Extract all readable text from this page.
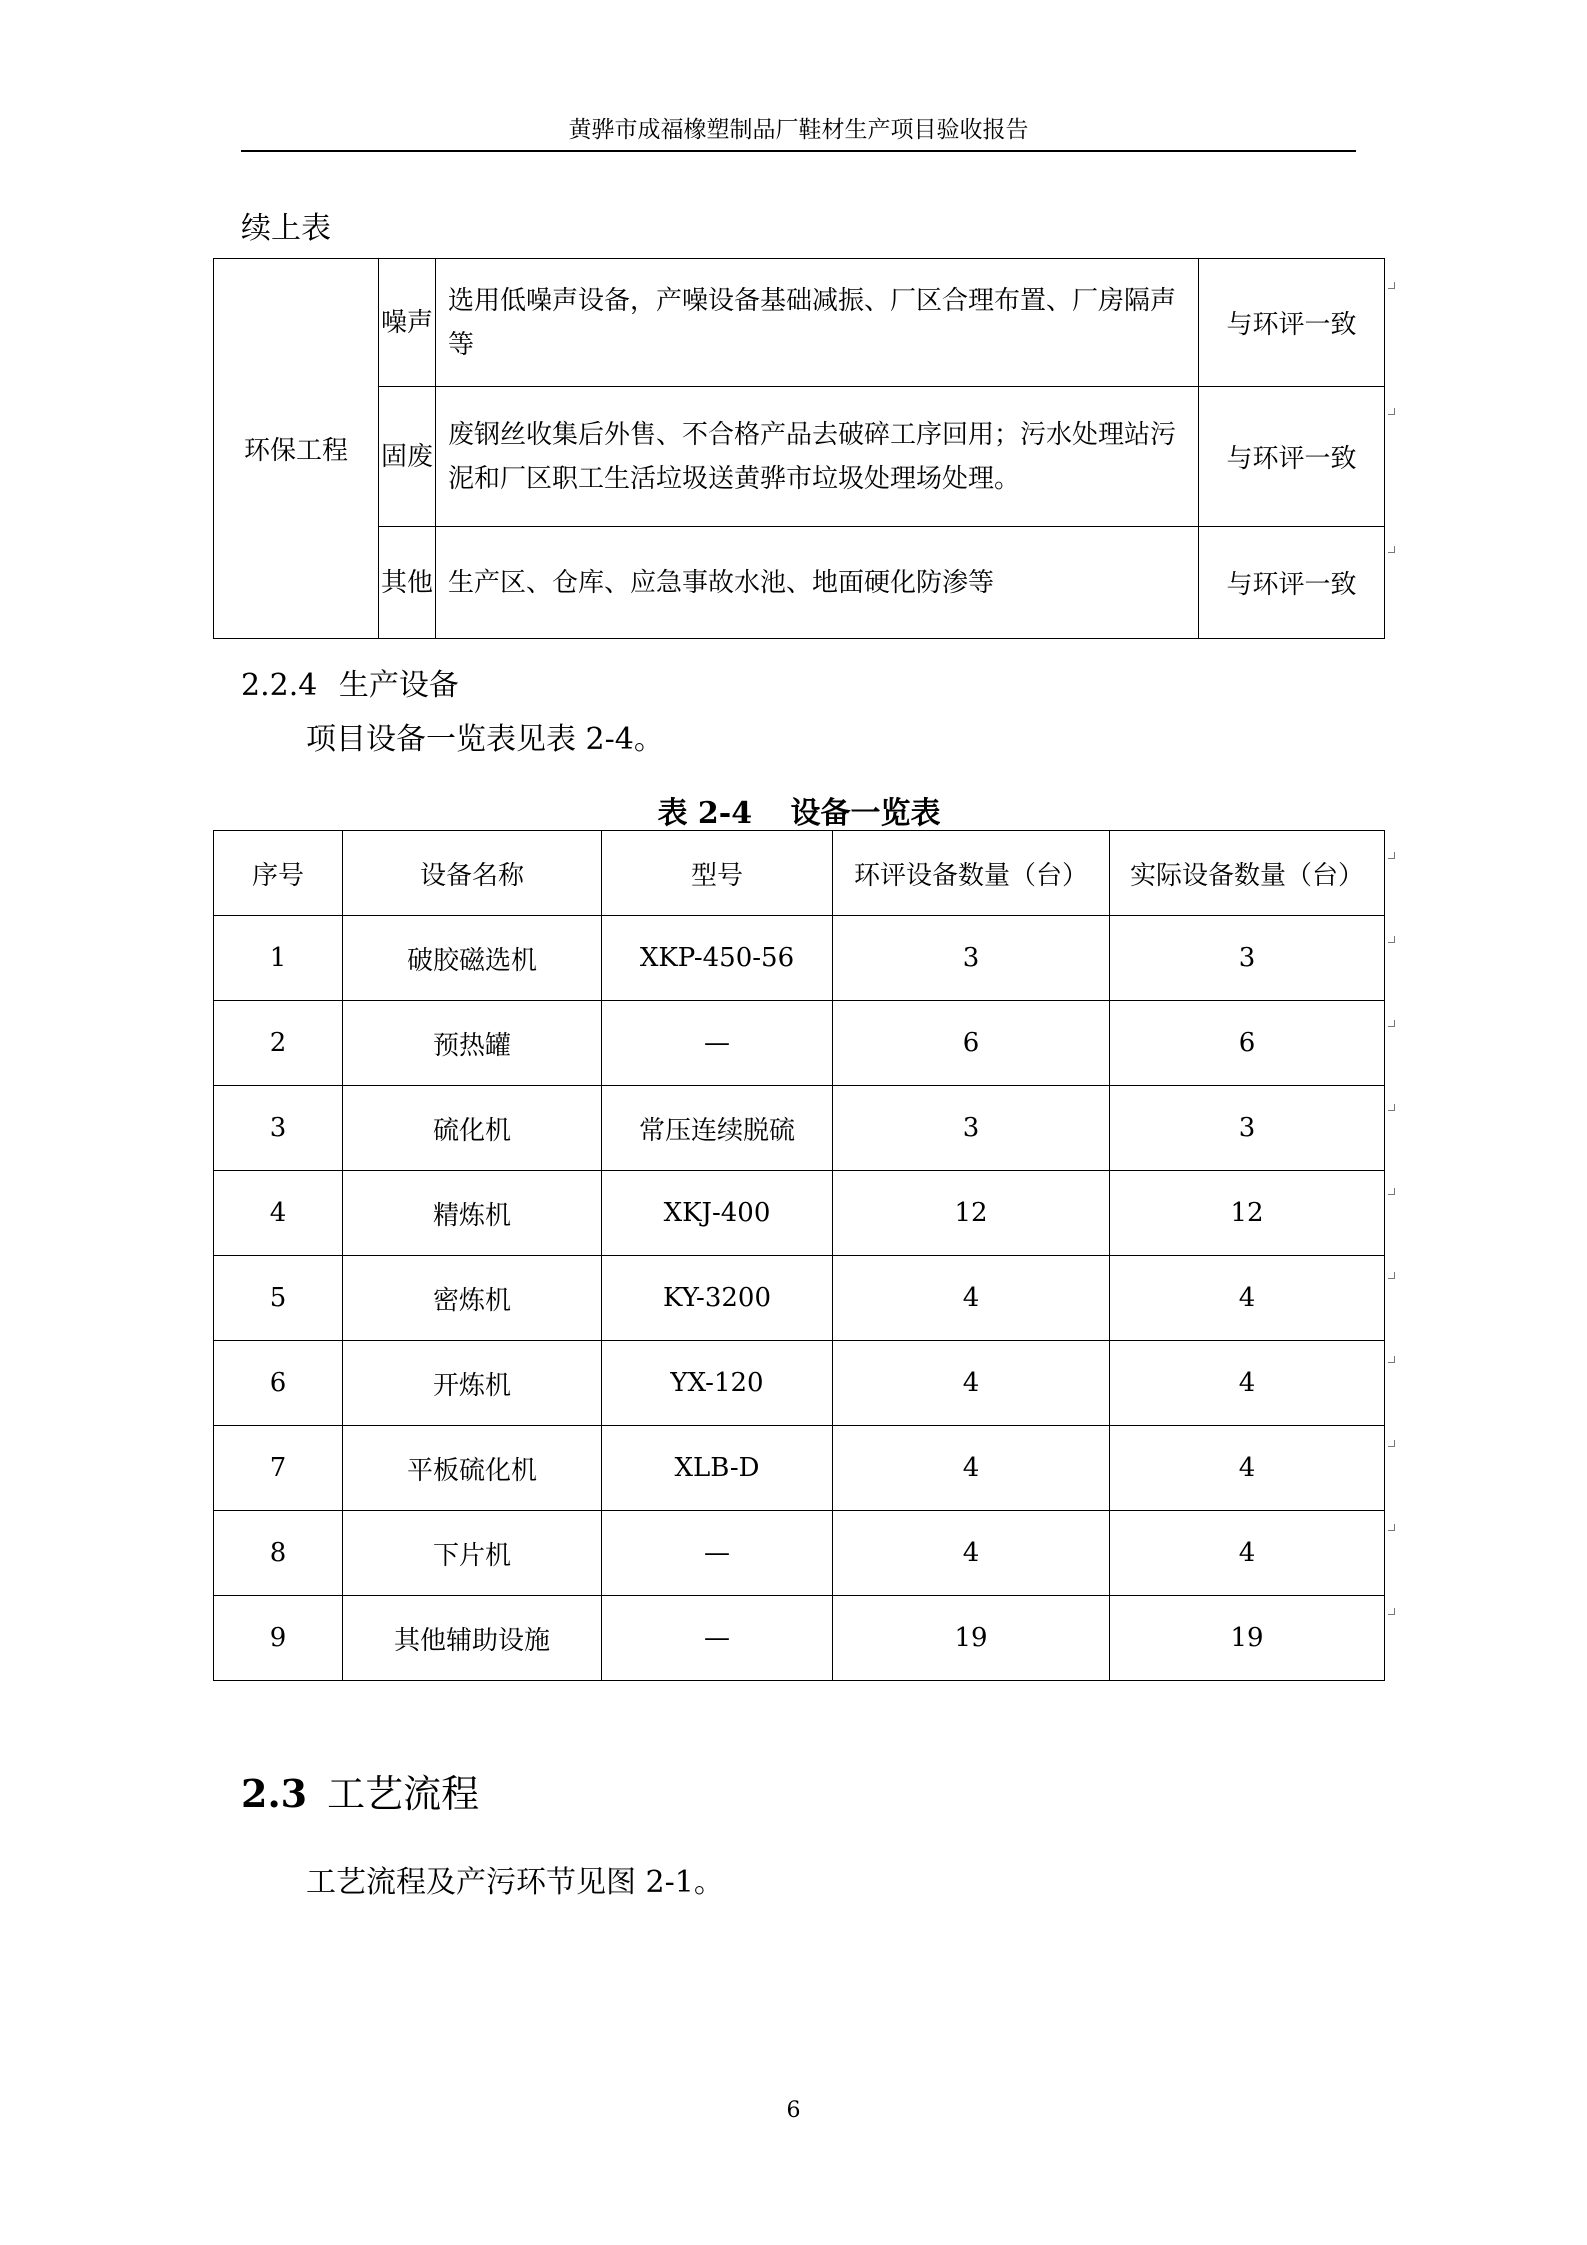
黄骅市成福橡塑制品厂鞋材生产项目验收报告
续上表
环保工程	噪声	选用低噪声设备，产噪设备基础减振、厂区合理布置、厂房隔声等	与环评一致
	固废	废钢丝收集后外售、不合格产品去破碎工序回用；污水处理站污泥和厂区职工生活垃圾送黄骅市垃圾处理场处理。	与环评一致
	其他	生产区、仓库、应急事故水池、地面硬化防渗等	与环评一致
2.2.4 生产设备
项目设备一览表见表 2-4。
表 2-4 设备一览表
序号	设备名称	型号	环评设备数量（台）	实际设备数量（台）
1	破胶磁选机	XKP-450-56	3	3
2	预热罐	—	6	6
3	硫化机	常压连续脱硫	3	3
4	精炼机	XKJ-400	12	12
5	密炼机	KY-3200	4	4
6	开炼机	YX-120	4	4
7	平板硫化机	XLB-D	4	4
8	下片机	—	4	4
9	其他辅助设施	—	19	19
2.3 工艺流程
工艺流程及产污环节见图 2-1。
6
